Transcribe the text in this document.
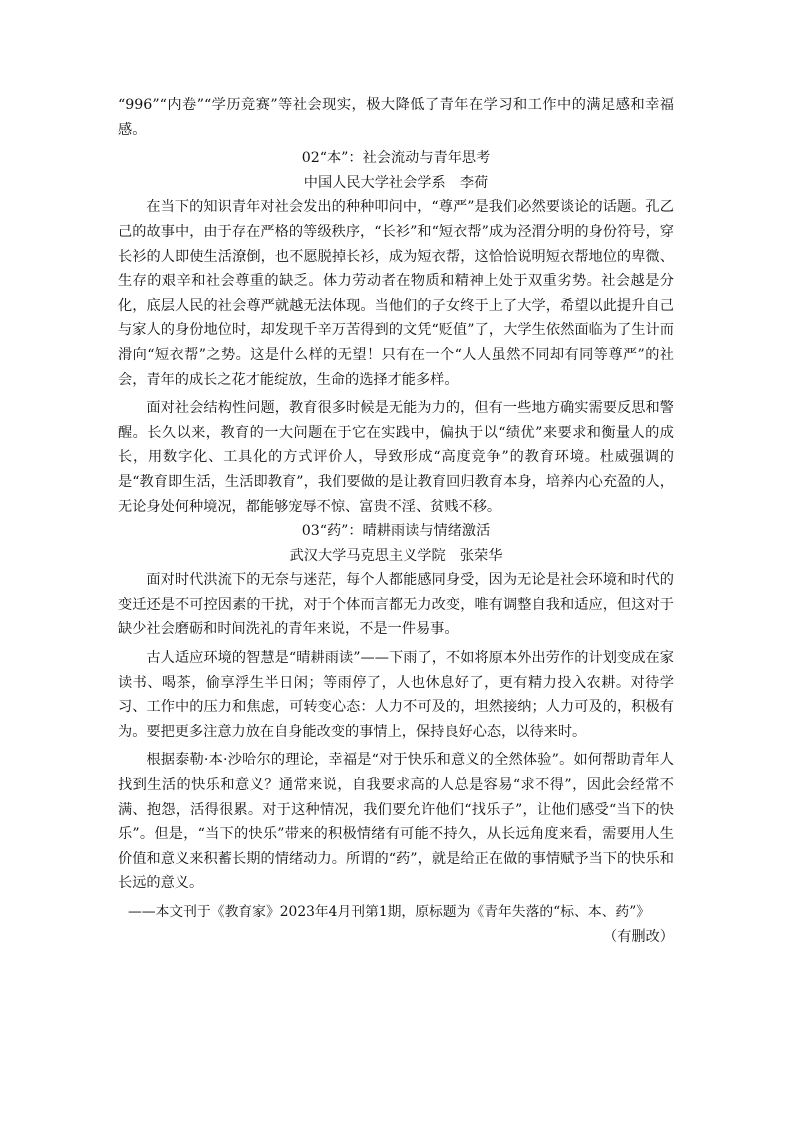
“996”“内卷”“学历竞赛”等社会现实，极大降低了青年在学习和工作中的满足感和幸福感。

02“本”：社会流动与青年思考

中国人民大学社会学系　李荷

在当下的知识青年对社会发出的种种叩问中，“尊严”是我们必然要谈论的话题。孔乙己的故事中，由于存在严格的等级秩序，“长衫”和“短衣帮”成为泾渭分明的身份符号，穿长衫的人即使生活潦倒，也不愿脱掉长衫，成为短衣帮，这恰恰说明短衣帮地位的卑微、生存的艰辛和社会尊重的缺乏。体力劳动者在物质和精神上处于双重劣势。社会越是分化，底层人民的社会尊严就越无法体现。当他们的子女终于上了大学，希望以此提升自己与家人的身份地位时，却发现千辛万苦得到的文凭“贬值”了，大学生依然面临为了生计而滑向“短衣帮”之势。这是什么样的无望！只有在一个“人人虽然不同却有同等尊严”的社会，青年的成长之花才能绽放，生命的选择才能多样。

面对社会结构性问题，教育很多时候是无能为力的，但有一些地方确实需要反思和警醒。长久以来，教育的一大问题在于它在实践中，偏执于以“绩优”来要求和衡量人的成长，用数字化、工具化的方式评价人，导致形成“高度竞争”的教育环境。杜威强调的是“教育即生活，生活即教育”，我们要做的是让教育回归教育本身，培养内心充盈的人，无论身处何种境况，都能够宠辱不惊、富贵不淫、贫贱不移。

03“药”：晴耕雨读与情绪激活

武汉大学马克思主义学院　张荣华

面对时代洪流下的无奈与迷茫，每个人都能感同身受，因为无论是社会环境和时代的变迁还是不可控因素的干扰，对于个体而言都无力改变，唯有调整自我和适应，但这对于缺少社会磨砺和时间洗礼的青年来说，不是一件易事。

古人适应环境的智慧是“晴耕雨读”——下雨了，不如将原本外出劳作的计划变成在家读书、喝茶，偷享浮生半日闲；等雨停了，人也休息好了，更有精力投入农耕。对待学习、工作中的压力和焦虑，可转变心态：人力不可及的，坦然接纳；人力可及的，积极有为。要把更多注意力放在自身能改变的事情上，保持良好心态，以待来时。

根据泰勒·本·沙哈尔的理论，幸福是“对于快乐和意义的全然体验”。如何帮助青年人找到生活的快乐和意义？通常来说，自我要求高的人总是容易“求不得”，因此会经常不满、抱怨，活得很累。对于这种情况，我们要允许他们“找乐子”，让他们感受“当下的快乐”。但是，“当下的快乐”带来的积极情绪有可能不持久，从长远角度来看，需要用人生价值和意义来积蓄长期的情绪动力。所谓的“药”，就是给正在做的事情赋予当下的快乐和长远的意义。

——本文刊于《教育家》2023年4月刊第1期，原标题为《青年失落的“标、本、药”》

（有删改）
